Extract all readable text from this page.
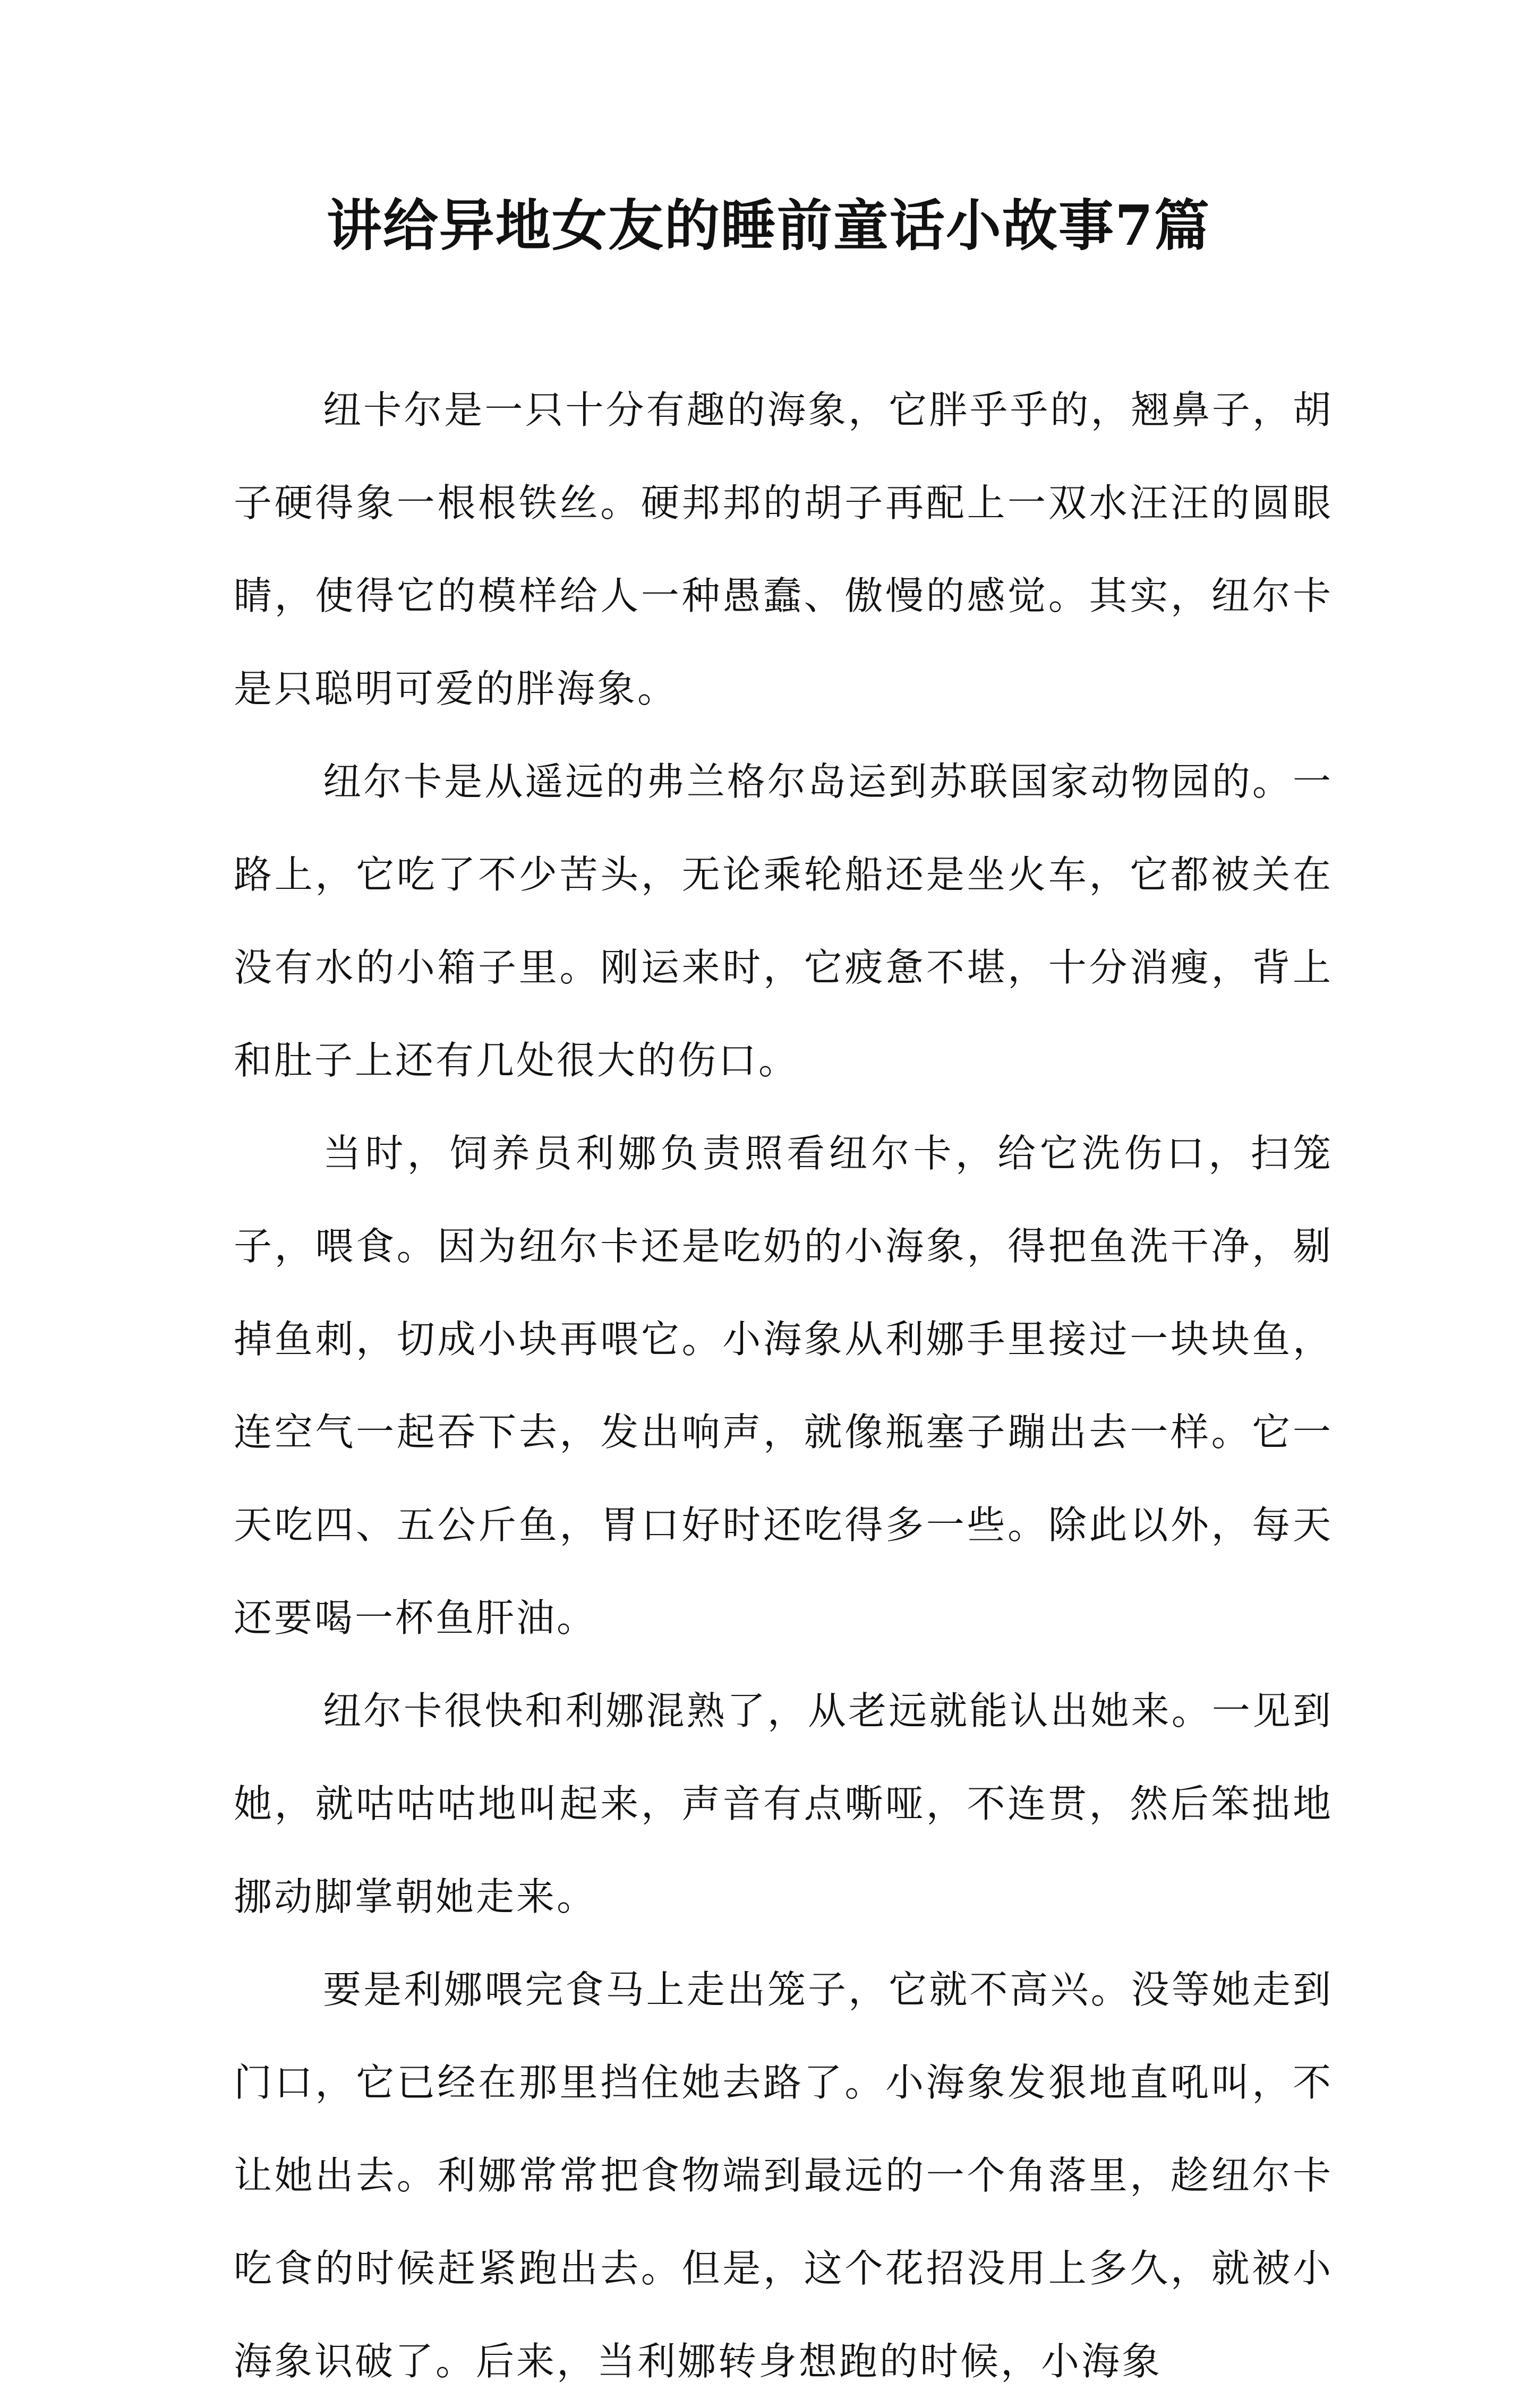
讲给异地女友的睡前童话小故事7篇

纽卡尔是一只十分有趣的海象，它胖乎乎的，翘鼻子，胡子硬得象一根根铁丝。硬邦邦的胡子再配上一双水汪汪的圆眼睛，使得它的模样给人一种愚蠢、傲慢的感觉。其实，纽尔卡是只聪明可爱的胖海象。

纽尔卡是从遥远的弗兰格尔岛运到苏联国家动物园的。一路上，它吃了不少苦头，无论乘轮船还是坐火车，它都被关在没有水的小箱子里。刚运来时，它疲惫不堪，十分消瘦，背上和肚子上还有几处很大的伤口。

当时，饲养员利娜负责照看纽尔卡，给它洗伤口，扫笼子，喂食。因为纽尔卡还是吃奶的小海象，得把鱼洗干净，剔掉鱼刺，切成小块再喂它。小海象从利娜手里接过一块块鱼，连空气一起吞下去，发出响声，就像瓶塞子蹦出去一样。它一天吃四、五公斤鱼，胃口好时还吃得多一些。除此以外，每天还要喝一杯鱼肝油。

纽尔卡很快和利娜混熟了，从老远就能认出她来。一见到她，就咕咕咕地叫起来，声音有点嘶哑，不连贯，然后笨拙地挪动脚掌朝她走来。

要是利娜喂完食马上走出笼子，它就不高兴。没等她走到门口，它已经在那里挡住她去路了。小海象发狠地直吼叫，不让她出去。利娜常常把食物端到最远的一个角落里，趁纽尔卡吃食的时候赶紧跑出去。但是，这个花招没用上多久，就被小海象识破了。后来，当利娜转身想跑的时候，小海象
